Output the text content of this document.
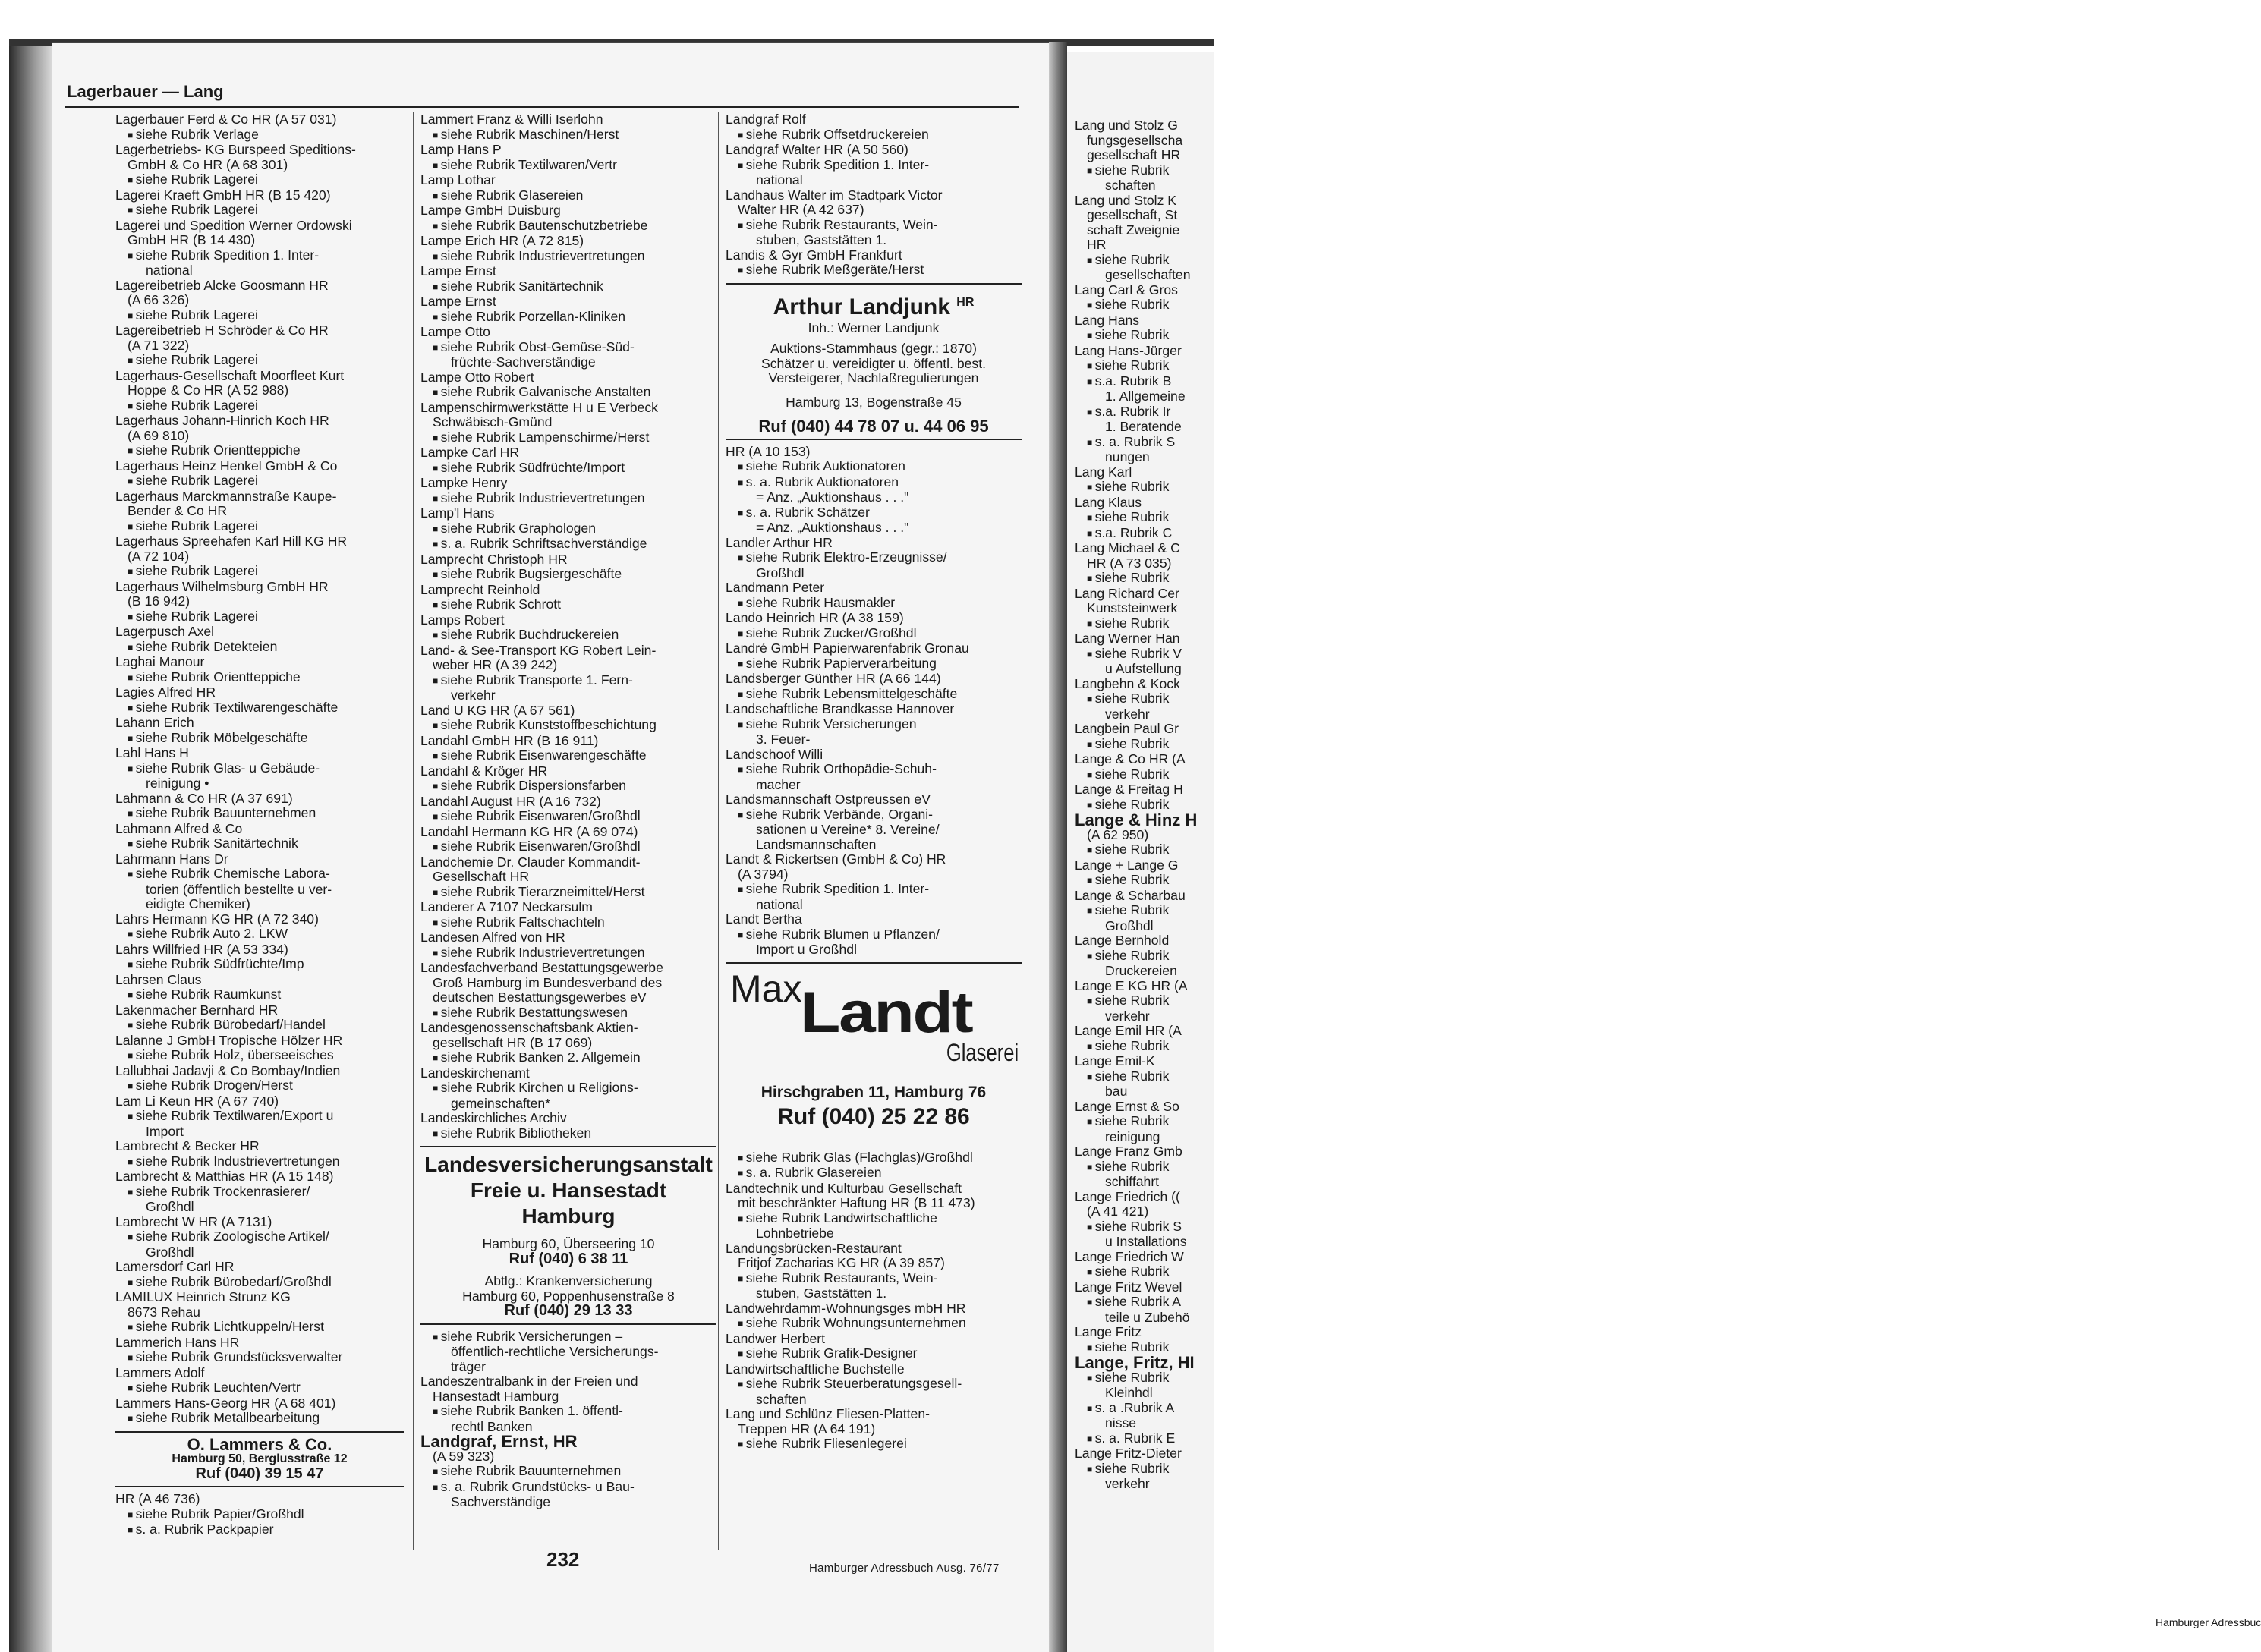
Lang und Stolz G
fungsgesellscha
gesellschaft HR
■ siehe Rubrik
schaften
Lang und Stolz K
gesellschaft, St
schaft Zweignie
HR
■ siehe Rubrik
gesellschaften
Lang Carl & Gros
■ siehe Rubrik
Lang Hans
■ siehe Rubrik
Lang Hans-Jürger
■ siehe Rubrik
■ s.a. Rubrik B
1. Allgemeine
■ s.a. Rubrik Ir
1. Beratende
■ s. a. Rubrik S
nungen
Lang Karl
■ siehe Rubrik
Lang Klaus
■ siehe Rubrik
■ s.a. Rubrik C
Lang Michael & C
HR (A 73 035)
■ siehe Rubrik
Lang Richard Cer
Kunststeinwerk
■ siehe Rubrik
Lang Werner Han
■ siehe Rubrik V
u Aufstellung
Langbehn & Kock
■ siehe Rubrik
verkehr
Langbein Paul Gr
■ siehe Rubrik
Lange & Co HR (A
■ siehe Rubrik
Lange & Freitag H
■ siehe Rubrik
Lange & Hinz H
(A 62 950)
■ siehe Rubrik
Lange + Lange G
■ siehe Rubrik
Lange & Scharbau
■ siehe Rubrik
Großhdl
Lange Bernhold
■ siehe Rubrik
Druckereien
Lange E KG HR (A
■ siehe Rubrik
verkehr
Lange Emil HR (A
■ siehe Rubrik
Lange Emil-K
■ siehe Rubrik
bau
Lange Ernst & So
■ siehe Rubrik
reinigung
Lange Franz Gmb
■ siehe Rubrik
schiffahrt
Lange Friedrich ((
(A 41 421)
■ siehe Rubrik S
u Installations
Lange Friedrich W
■ siehe Rubrik
Lange Fritz Wevel
■ siehe Rubrik A
teile u Zubehö
Lange Fritz
■ siehe Rubrik
Lange, Fritz, HI
■ siehe Rubrik
Kleinhdl
■ s. a .Rubrik A
nisse
■ s. a. Rubrik E
Lange Fritz-Dieter
■ siehe Rubrik
verkehr
Hamburger Adressbuc
Lagerbauer — Lang
Lagerbauer Ferd & Co HR (A 57 031)
■ siehe Rubrik Verlage
Lagerbetriebs- KG Burspeed Speditions-
GmbH & Co HR (A 68 301)
■ siehe Rubrik Lagerei
Lagerei Kraeft GmbH HR (B 15 420)
■ siehe Rubrik Lagerei
Lagerei und Spedition Werner Ordowski
GmbH HR (B 14 430)
■ siehe Rubrik Spedition 1. Inter-
national
Lagereibetrieb Alcke Goosmann HR
(A 66 326)
■ siehe Rubrik Lagerei
Lagereibetrieb H Schröder & Co HR
(A 71 322)
■ siehe Rubrik Lagerei
Lagerhaus-Gesellschaft Moorfleet Kurt
Hoppe & Co HR (A 52 988)
■ siehe Rubrik Lagerei
Lagerhaus Johann-Hinrich Koch HR
(A 69 810)
■ siehe Rubrik Orientteppiche
Lagerhaus Heinz Henkel GmbH & Co
■ siehe Rubrik Lagerei
Lagerhaus Marckmannstraße Kaupe-
Bender & Co HR
■ siehe Rubrik Lagerei
Lagerhaus Spreehafen Karl Hill KG HR
(A 72 104)
■ siehe Rubrik Lagerei
Lagerhaus Wilhelmsburg GmbH HR
(B 16 942)
■ siehe Rubrik Lagerei
Lagerpusch Axel
■ siehe Rubrik Detekteien
Laghai Manour
■ siehe Rubrik Orientteppiche
Lagies Alfred HR
■ siehe Rubrik Textilwarengeschäfte
Lahann Erich
■ siehe Rubrik Möbelgeschäfte
Lahl Hans H
■ siehe Rubrik Glas- u Gebäude-
reinigung •
Lahmann & Co HR (A 37 691)
■ siehe Rubrik Bauunternehmen
Lahmann Alfred & Co
■ siehe Rubrik Sanitärtechnik
Lahrmann Hans Dr
■ siehe Rubrik Chemische Labora-
torien (öffentlich bestellte u ver-
eidigte Chemiker)
Lahrs Hermann KG HR (A 72 340)
■ siehe Rubrik Auto 2. LKW
Lahrs Willfried HR (A 53 334)
■ siehe Rubrik Südfrüchte/Imp
Lahrsen Claus
■ siehe Rubrik Raumkunst
Lakenmacher Bernhard HR
■ siehe Rubrik Bürobedarf/Handel
Lalanne J GmbH Tropische Hölzer HR
■ siehe Rubrik Holz, überseeisches
Lallubhai Jadavji & Co Bombay/Indien
■ siehe Rubrik Drogen/Herst
Lam Li Keun HR (A 67 740)
■ siehe Rubrik Textilwaren/Export u
Import
Lambrecht & Becker HR
■ siehe Rubrik Industrievertretungen
Lambrecht & Matthias HR (A 15 148)
■ siehe Rubrik Trockenrasierer/
Großhdl
Lambrecht W HR (A 7131)
■ siehe Rubrik Zoologische Artikel/
Großhdl
Lamersdorf Carl HR
■ siehe Rubrik Bürobedarf/Großhdl
LAMILUX Heinrich Strunz KG
8673 Rehau
■ siehe Rubrik Lichtkuppeln/Herst
Lammerich Hans HR
■ siehe Rubrik Grundstücksverwalter
Lammers Adolf
■ siehe Rubrik Leuchten/Vertr
Lammers Hans-Georg HR (A 68 401)
■ siehe Rubrik Metallbearbeitung
O. Lammers & Co.
Hamburg 50, Berglusstraße 12
Ruf (040) 39 15 47
HR (A 46 736)
■ siehe Rubrik Papier/Großhdl
■ s. a. Rubrik Packpapier
Lammert Franz & Willi Iserlohn
■ siehe Rubrik Maschinen/Herst
Lamp Hans P
■ siehe Rubrik Textilwaren/Vertr
Lamp Lothar
■ siehe Rubrik Glasereien
Lampe GmbH Duisburg
■ siehe Rubrik Bautenschutzbetriebe
Lampe Erich HR (A 72 815)
■ siehe Rubrik Industrievertretungen
Lampe Ernst
■ siehe Rubrik Sanitärtechnik
Lampe Ernst
■ siehe Rubrik Porzellan-Kliniken
Lampe Otto
■ siehe Rubrik Obst-Gemüse-Süd-
früchte-Sachverständige
Lampe Otto Robert
■ siehe Rubrik Galvanische Anstalten
Lampenschirmwerkstätte H u E Verbeck
Schwäbisch-Gmünd
■ siehe Rubrik Lampenschirme/Herst
Lampke Carl HR
■ siehe Rubrik Südfrüchte/Import
Lampke Henry
■ siehe Rubrik Industrievertretungen
Lamp'l Hans
■ siehe Rubrik Graphologen
■ s. a. Rubrik Schriftsachverständige
Lamprecht Christoph HR
■ siehe Rubrik Bugsiergeschäfte
Lamprecht Reinhold
■ siehe Rubrik Schrott
Lamps Robert
■ siehe Rubrik Buchdruckereien
Land- & See-Transport KG Robert Lein-
weber HR (A 39 242)
■ siehe Rubrik Transporte 1. Fern-
verkehr
Land U KG HR (A 67 561)
■ siehe Rubrik Kunststoffbeschichtung
Landahl GmbH HR (B 16 911)
■ siehe Rubrik Eisenwarengeschäfte
Landahl & Kröger HR
■ siehe Rubrik Dispersionsfarben
Landahl August HR (A 16 732)
■ siehe Rubrik Eisenwaren/Großhdl
Landahl Hermann KG HR (A 69 074)
■ siehe Rubrik Eisenwaren/Großhdl
Landchemie Dr. Clauder Kommandit-
Gesellschaft HR
■ siehe Rubrik Tierarzneimittel/Herst
Landerer A 7107 Neckarsulm
■ siehe Rubrik Faltschachteln
Landesen Alfred von HR
■ siehe Rubrik Industrievertretungen
Landesfachverband Bestattungsgewerbe
Groß Hamburg im Bundesverband des
deutschen Bestattungsgewerbes eV
■ siehe Rubrik Bestattungswesen
Landesgenossenschaftsbank Aktien-
gesellschaft HR (B 17 069)
■ siehe Rubrik Banken 2. Allgemein
Landeskirchenamt
■ siehe Rubrik Kirchen u Religions-
gemeinschaften*
Landeskirchliches Archiv
■ siehe Rubrik Bibliotheken
Landesversicherungsanstalt
Freie u. Hansestadt
Hamburg
Hamburg 60, Überseering 10
Ruf (040) 6 38 11
Abtlg.: Krankenversicherung
Hamburg 60, Poppenhusenstraße 8
Ruf (040) 29 13 33
■ siehe Rubrik Versicherungen –
öffentlich-rechtliche Versicherungs-
träger
Landeszentralbank in der Freien und
Hansestadt Hamburg
■ siehe Rubrik Banken 1. öffentl-
rechtl Banken
Landgraf, Ernst, HR
(A 59 323)
■ siehe Rubrik Bauunternehmen
■ s. a. Rubrik Grundstücks- u Bau-
Sachverständige
Landgraf Rolf
■ siehe Rubrik Offsetdruckereien
Landgraf Walter HR (A 50 560)
■ siehe Rubrik Spedition 1. Inter-
national
Landhaus Walter im Stadtpark Victor
Walter HR (A 42 637)
■ siehe Rubrik Restaurants, Wein-
stuben, Gaststätten 1.
Landis & Gyr GmbH Frankfurt
■ siehe Rubrik Meßgeräte/Herst
Arthur Landjunk $^{HR}$
Inh.: Werner Landjunk
Auktions-Stammhaus (gegr.: 1870)
Schätzer u. vereidigter u. öffentl. best.
Versteigerer, Nachlaßregulierungen
Hamburg 13, Bogenstraße 45
Ruf (040) 44 78 07 u. 44 06 95
HR (A 10 153)
■ siehe Rubrik Auktionatoren
■ s. a. Rubrik Auktionatoren
= Anz. „Auktionshaus . . ."
■ s. a. Rubrik Schätzer
= Anz. „Auktionshaus . . ."
Landler Arthur HR
■ siehe Rubrik Elektro-Erzeugnisse/
Großhdl
Landmann Peter
■ siehe Rubrik Hausmakler
Lando Heinrich HR (A 38 159)
■ siehe Rubrik Zucker/Großhdl
Landré GmbH Papierwarenfabrik Gronau
■ siehe Rubrik Papierverarbeitung
Landsberger Günther HR (A 66 144)
■ siehe Rubrik Lebensmittelgeschäfte
Landschaftliche Brandkasse Hannover
■ siehe Rubrik Versicherungen
3. Feuer-
Landschoof Willi
■ siehe Rubrik Orthopädie-Schuh-
macher
Landsmannschaft Ostpreussen eV
■ siehe Rubrik Verbände, Organi-
sationen u Vereine* 8. Vereine/
Landsmannschaften
Landt & Rickertsen (GmbH & Co) HR
(A 3794)
■ siehe Rubrik Spedition 1. Inter-
national
Landt Bertha
■ siehe Rubrik Blumen u Pflanzen/
Import u Großhdl
Max
Landt
Glaserei
Hirschgraben 11, Hamburg 76
Ruf (040) 25 22 86
■ siehe Rubrik Glas (Flachglas)/Großhdl
■ s. a. Rubrik Glasereien
Landtechnik und Kulturbau Gesellschaft
mit beschränkter Haftung HR (B 11 473)
■ siehe Rubrik Landwirtschaftliche
Lohnbetriebe
Landungsbrücken-Restaurant
Fritjof Zacharias KG HR (A 39 857)
■ siehe Rubrik Restaurants, Wein-
stuben, Gaststätten 1.
Landwehrdamm-Wohnungsges mbH HR
■ siehe Rubrik Wohnungsunternehmen
Landwer Herbert
■ siehe Rubrik Grafik-Designer
Landwirtschaftliche Buchstelle
■ siehe Rubrik Steuerberatungsgesell-
schaften
Lang und Schlünz Fliesen-Platten-
Treppen HR (A 64 191)
■ siehe Rubrik Fliesenlegerei
232	Hamburger Adressbuch Ausg. 76/77
